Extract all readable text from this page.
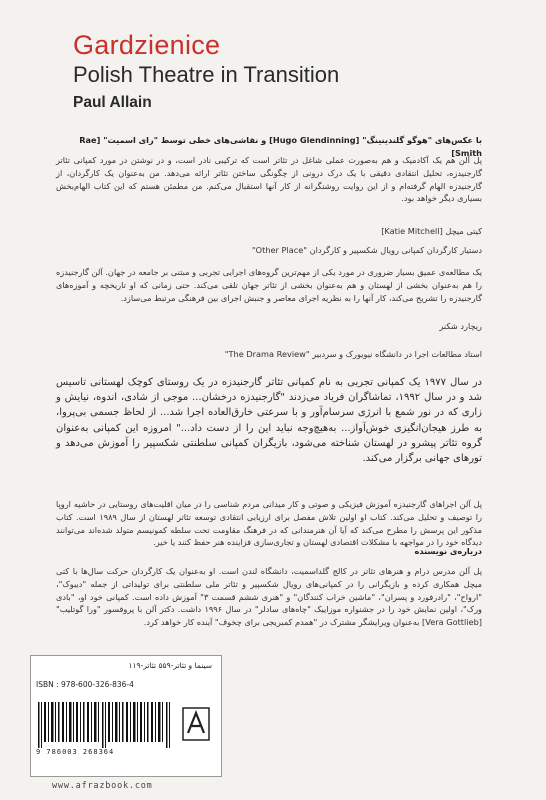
Gardzienice
Polish Theatre in Transition
Paul Allain
با عکس‌های "هوگو گلندینینگ" [Hugo Glendinning] و نقاشی‌های خطی توسط "رای اسمیت" [Rae Smith]
پل آلن هم یک آکادمیک و هم به‌صورت عملی شاغل در تئاتر است که ترکیبی نادر است، و در نوشتن در مورد کمپانی تئاتر گارجنیدزه، تحلیل انتقادی دقیقی با یک درک درونی از چگونگی ساختن تئاتر ارائه می‌دهد. من به‌عنوان یک کارگردان، از گارجنیدزه الهام گرفته‌ام و از این روایت روشنگرانه از کار آنها استقبال می‌کنم. من مطمئن هستم که این کتاب الهام‌بخش بسیاری دیگر خواهد بود.
کیتی میچل [Katie Mitchell]
دستیار کارگردان کمپانی رویال شکسپیر و کارگردان "Other Place"
یک مطالعه‌ی عمیق بسیار ضروری در مورد یکی از مهم‌ترین گروه‌های اجرایی تجربی و مبتنی بر جامعه در جهان. آلن گارجنیدزه را هم به‌عنوان بخشی از لهستان و هم به‌عنوان بخشی از تئاتر جهان تلقی می‌کند. حتی زمانی که او تاریخچه و آموزه‌های گارجنیدزه را تشریح می‌کند، کار آنها را به نظریه اجرای معاصر و جنبش اجرای بین فرهنگی مرتبط می‌سازد.
ریچارد شکنر
استاد مطالعات اجرا در دانشگاه نیویورک و سردبیر "The Drama Review"
در سال ۱۹۷۷ یک کمپانی تجربی به نام کمپانی تئاتر گارجنیدزه در یک روستای کوچک لهستانی تاسیس شد و در سال ۱۹۹۲، تماشاگران فریاد می‌زدند "گارجنیدزه درخشان... موجی از شادی، اندوه، نیایش و زاری که در نور شمع با انرژی سرسام‌آور و با سرعتی خارق‌العاده اجرا شد... از لحاظ جسمی بی‌پروا، به طرز هیجان‌انگیزی خوش‌آواز... به‌هیچ‌وجه نباید این را از دست داد..." امروزه این کمپانی به‌عنوان گروه تئاتر پیشرو در لهستان شناخته می‌شود، بازیگران کمپانی سلطنتی شکسپیر را آموزش می‌دهد و تورهای جهانی برگزار می‌کند.
پل آلن اجراهای گارجنیدزه آموزش فیزیکی و صوتی و کار میدانی مردم شناسی را در میان اقلیت‌های روستایی در حاشیه اروپا را توصیف و تحلیل می‌کند. کتاب او اولین تلاش مفصل برای ارزیابی انتقادی توسعه تئاتر لهستان از سال ۱۹۸۹ است. کتاب مذکور این پرسش را مطرح می‌کند که آیا آن هنرمندانی که در فرهنگ مقاومت تحت سلطه کمونیسم متولد شده‌اند می‌توانند دیدگاه خود را در مواجهه با مشکلات اقتصادی لهستان و تجاری‌سازی فزاینده هنر حفظ کنند یا خیر.
درباره‌ی نویسنده
پل آلن مدرس درام و هنرهای تئاتر در کالج گلداسمیت، دانشگاه لندن است. او به‌عنوان یک کارگردان حرکت سال‌ها با کتی میچل همکاری کرده و بازیگرانی را در کمپانی‌های رویال شکسپیر و تئاتر ملی سلطنتی برای تولیداتی از جمله "دیبوک"، "ارواح"، "رادرفورد و پسران"، "ماشین خراب کنندگان" و "هنری ششم قسمت ۳" آموزش داده است. کمپانی خود او، "بادی ورک"، اولین نمایش خود را در جشنواره موزاییک "چاه‌های سادلر" در سال ۱۹۹۶ داشت. دکتر آلن با پروفسور "ورا گوتلیب" [Vera Gottlieb] به‌عنوان ویرایشگر مشترک در "همدم کمبریجی برای چخوف" آینده کار خواهد کرد.
سینما و تئاتر-۵۵۹ تئاتر-۱۱۹
ISBN : 978-600-326-836-4
9 786003 268364
www.afrazbook.com
